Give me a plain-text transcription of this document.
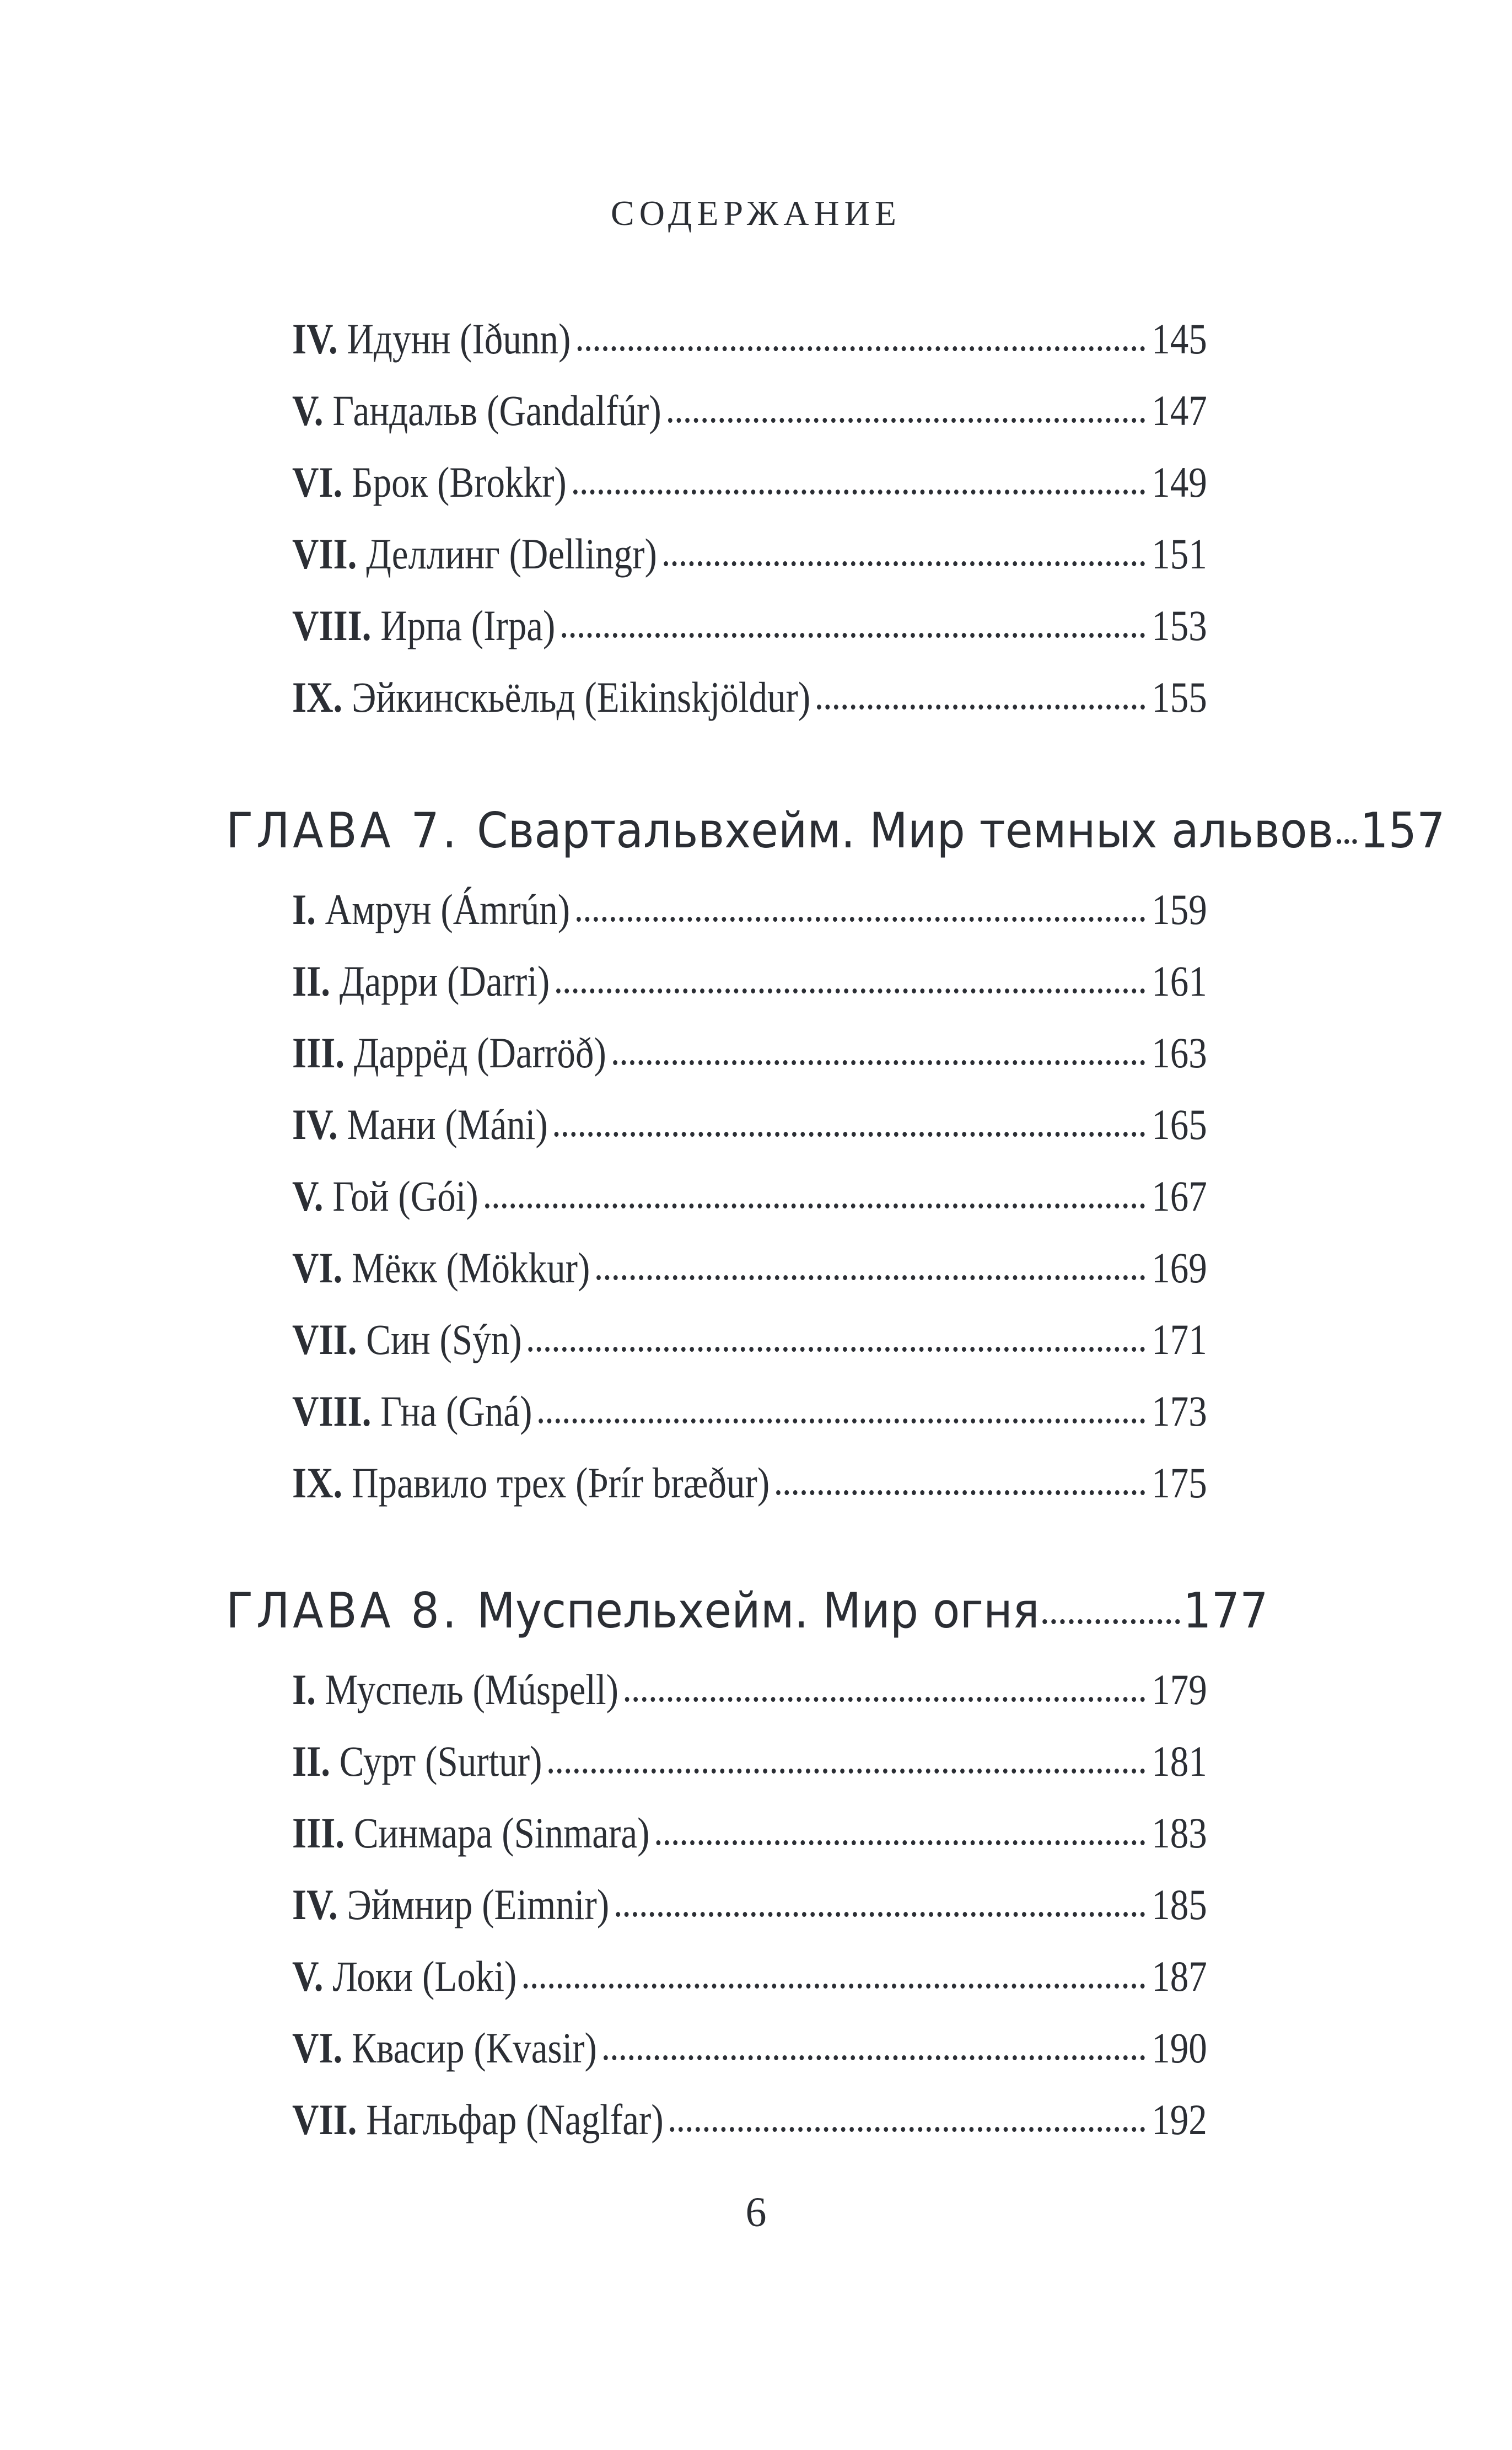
СОДЕРЖАНИЕ
IV. Идунн (Iðunn)	145
V. Гандальв (Gandalfúr)	147
VI. Брок (Brokkr)	149
VII. Деллинг (Dellingr)	151
VIII. Ирпа (Irpa)	153
IX. Эйкинскьёльд (Eikinskjöldur)	155
ГЛАВА 7. Свартальвхейм. Мир темных альвов 157
I. Амрун (Ámrún)	159
II. Дарри (Darri)	161
III. Даррёд (Darröð)	163
IV. Мани (Máni)	165
V. Гой (Gói)	167
VI. Мёкк (Mökkur)	169
VII. Син (Sýn)	171
VIII. Гна (Gná)	173
IX. Правило трех (Þrír bræður)	175
ГЛАВА 8. Муспельхейм. Мир огня	177
I. Муспель (Múspell)	179
II. Сурт (Surtur)	181
III. Синмара (Sinmara)	183
IV. Эймнир (Eimnir)	185
V. Локи (Loki)	187
VI. Квасир (Kvasir)	190
VII. Нагльфар (Naglfar)	192
6
